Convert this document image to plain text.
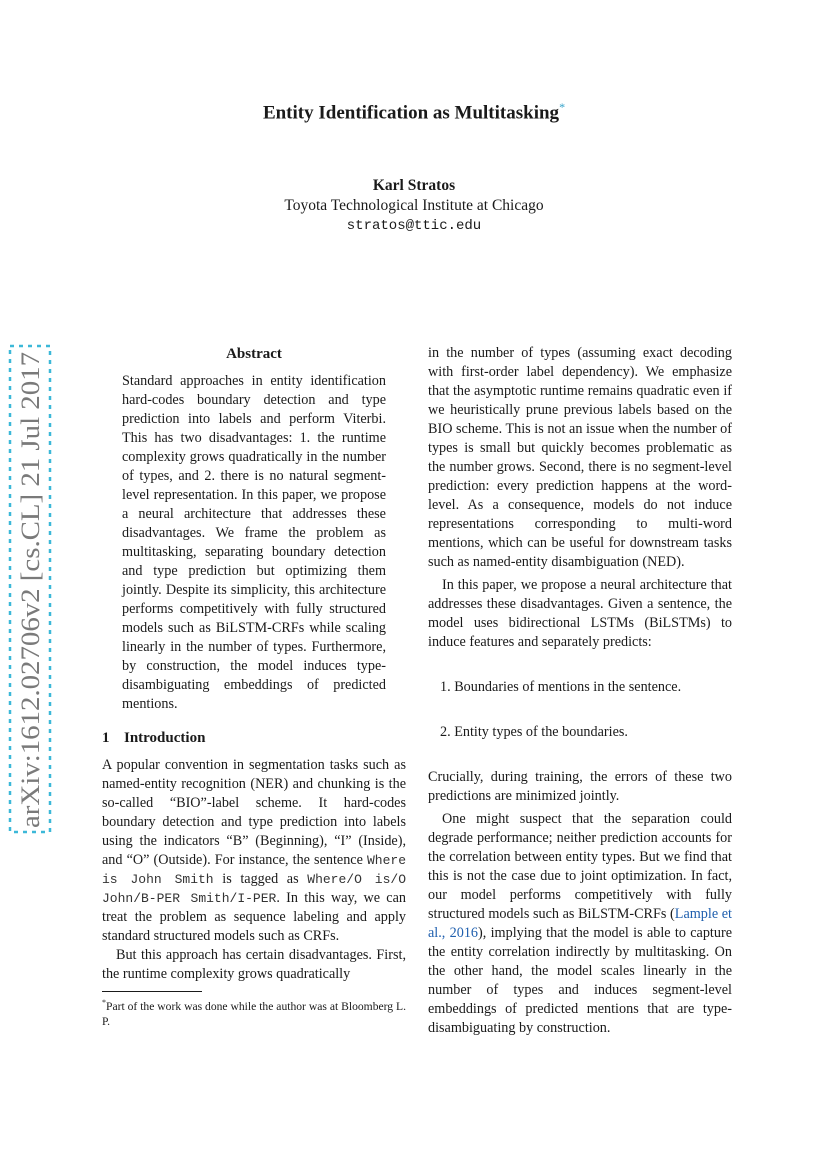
arXiv:1612.02706v2 [cs.CL] 21 Jul 2017
Entity Identification as Multitasking*
Karl Stratos
Toyota Technological Institute at Chicago
stratos@ttic.edu
Abstract

Standard approaches in entity identification hard-codes boundary detection and type prediction into labels and perform Viterbi. This has two disadvantages: 1. the runtime complexity grows quadratically in the number of types, and 2. there is no natural segment-level representation. In this paper, we propose a neural architecture that addresses these disadvantages. We frame the problem as multitasking, separating boundary detection and type prediction but optimizing them jointly. Despite its simplicity, this architecture performs competitively with fully structured models such as BiLSTM-CRFs while scaling linearly in the number of types. Furthermore, by construction, the model induces type-disambiguating embeddings of predicted mentions.

1 Introduction

A popular convention in segmentation tasks such as named-entity recognition (NER) and chunking is the so-called “BIO”-label scheme. It hard-codes boundary detection and type prediction into labels using the indicators “B” (Beginning), “I” (Inside), and “O” (Outside). For instance, the sentence Where is John Smith is tagged as Where/O is/O John/B-PER Smith/I-PER. In this way, we can treat the problem as sequence labeling and apply standard structured models such as CRFs.

But this approach has certain disadvantages. First, the runtime complexity grows quadratically

*Part of the work was done while the author was at Bloomberg L. P.

in the number of types (assuming exact decoding with first-order label dependency). We emphasize that the asymptotic runtime remains quadratic even if we heuristically prune previous labels based on the BIO scheme. This is not an issue when the number of types is small but quickly becomes problematic as the number grows. Second, there is no segment-level prediction: every prediction happens at the word-level. As a consequence, models do not induce representations corresponding to multi-word mentions, which can be useful for downstream tasks such as named-entity disambiguation (NED).

In this paper, we propose a neural architecture that addresses these disadvantages. Given a sentence, the model uses bidirectional LSTMs (BiLSTMs) to induce features and separately predicts:

1. Boundaries of mentions in the sentence.
2. Entity types of the boundaries.

Crucially, during training, the errors of these two predictions are minimized jointly.

One might suspect that the separation could degrade performance; neither prediction accounts for the correlation between entity types. But we find that this is not the case due to joint optimization. In fact, our model performs competitively with fully structured models such as BiLSTM-CRFs (Lample et al., 2016), implying that the model is able to capture the entity correlation indirectly by multitasking. On the other hand, the model scales linearly in the number of types and induces segment-level embeddings of predicted mentions that are type-disambiguating by construction.
